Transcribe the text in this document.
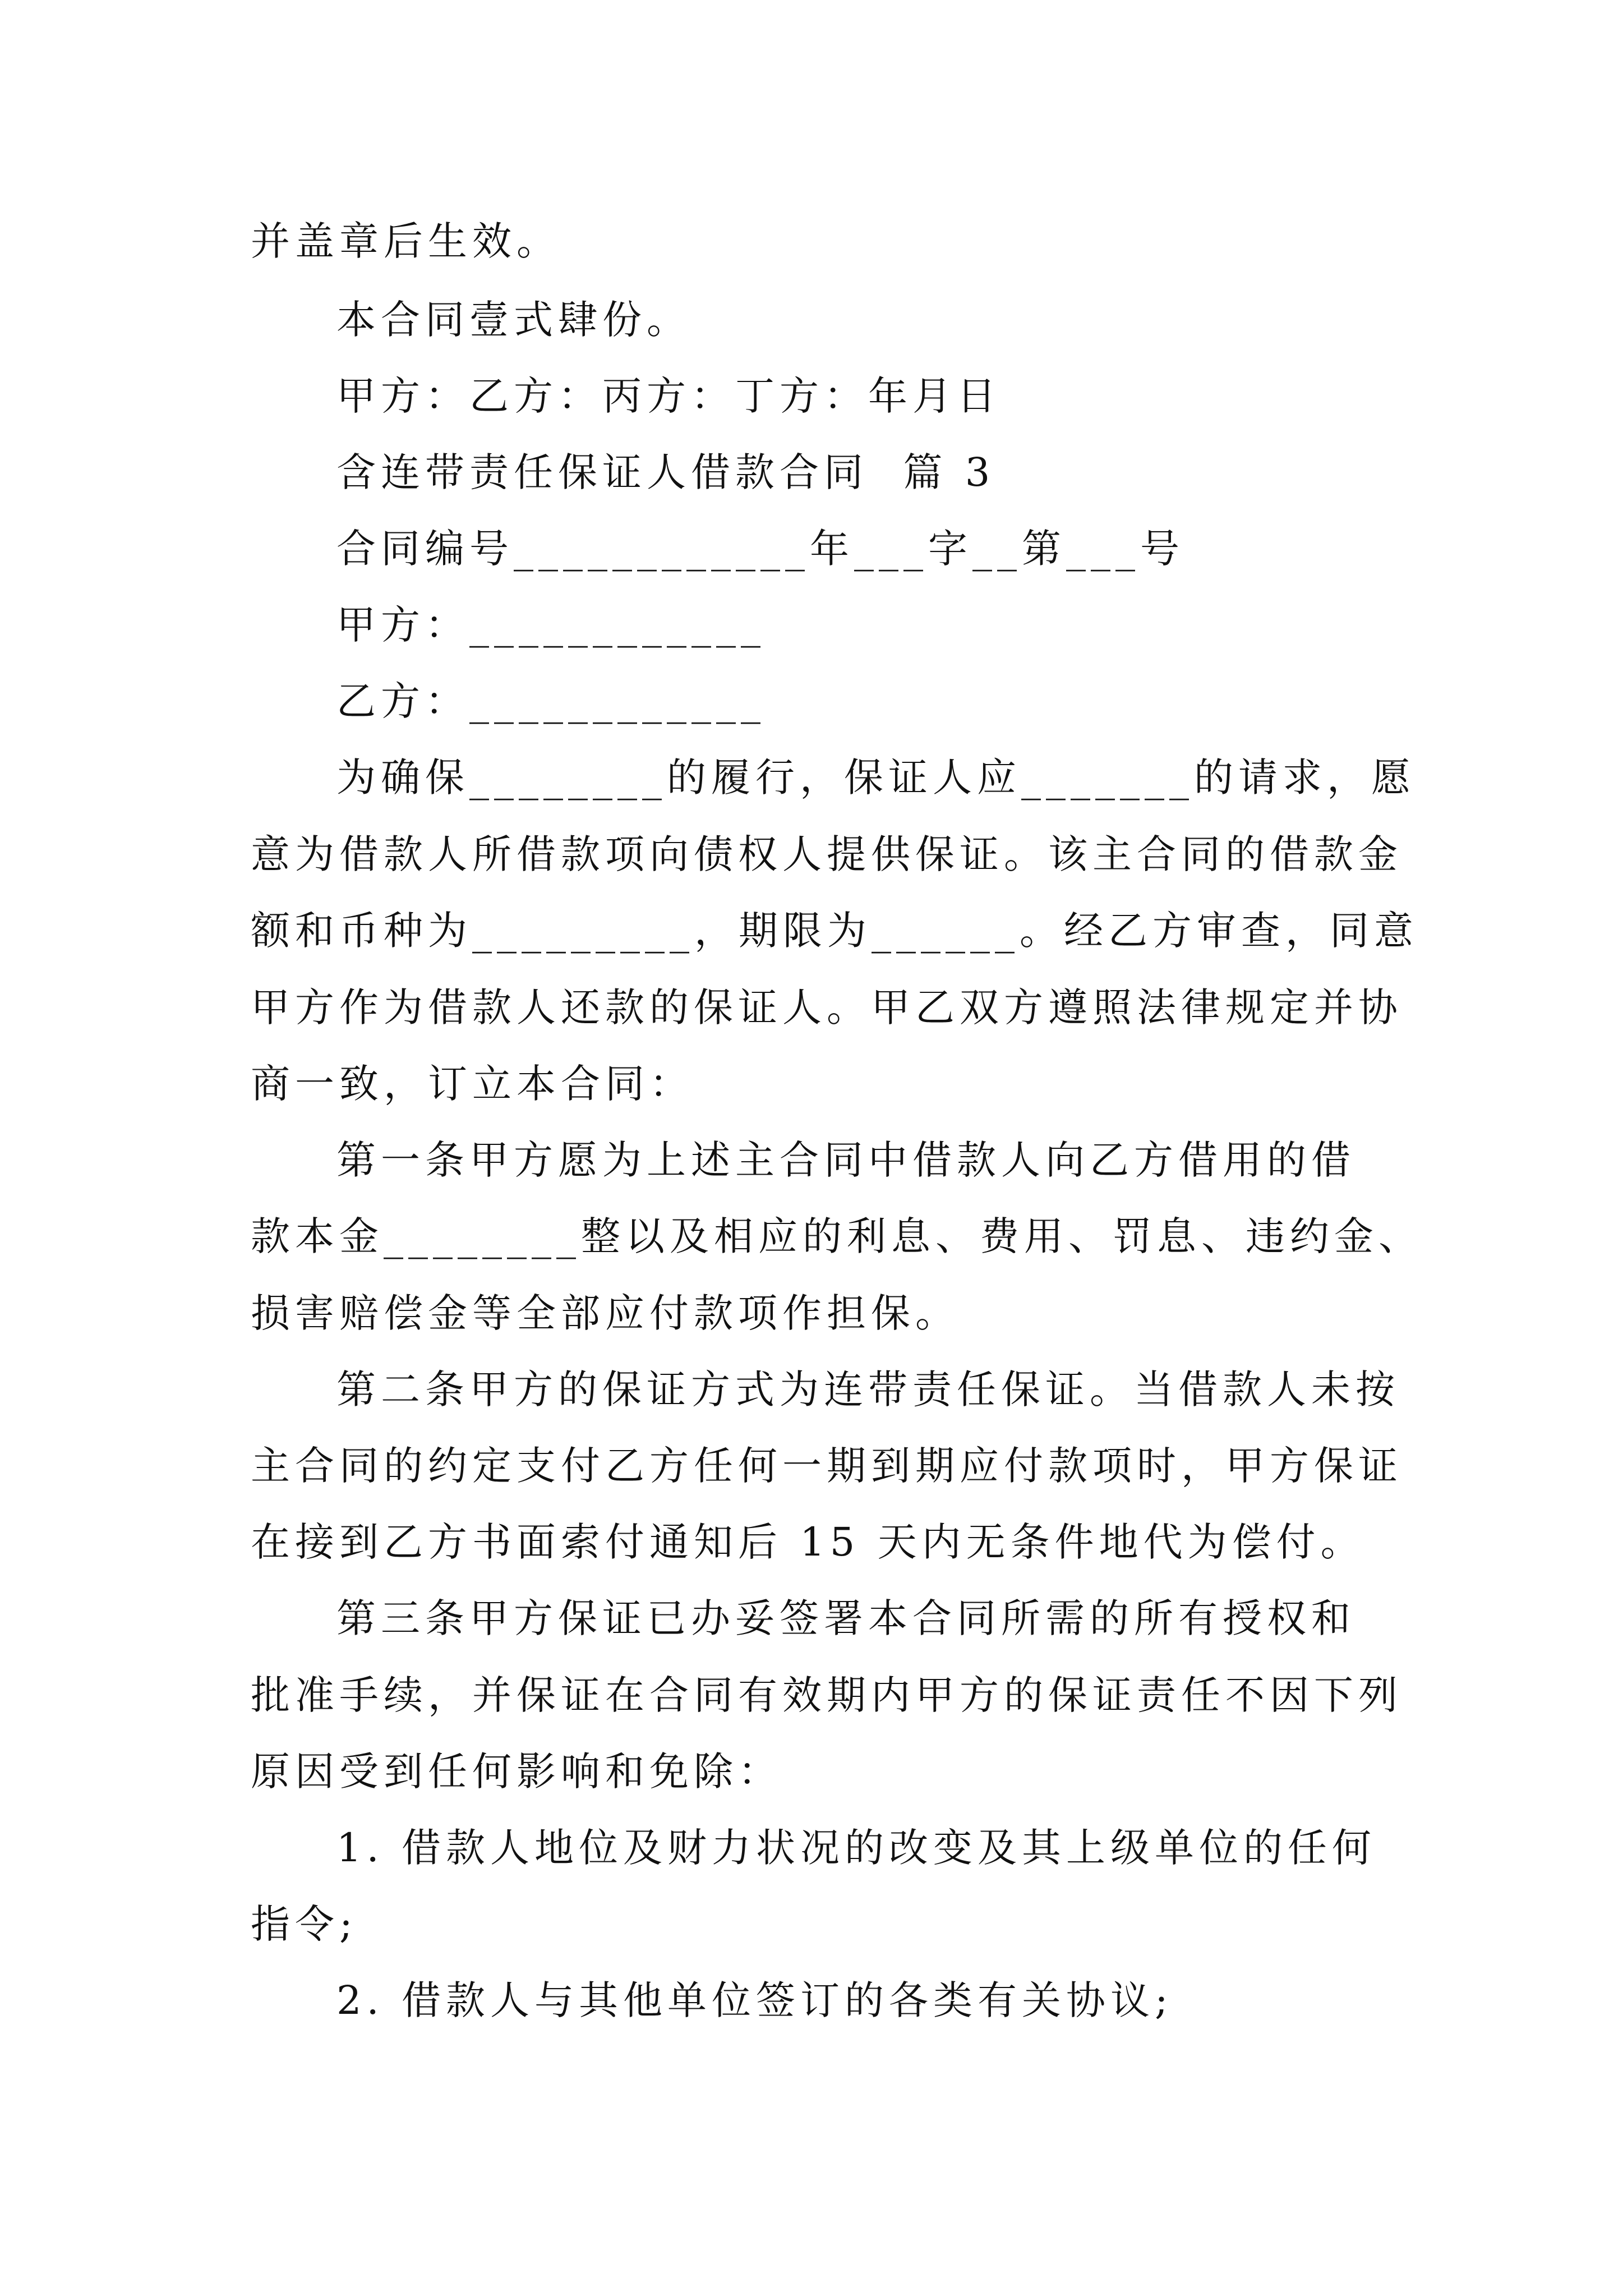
并盖章后生效。
本合同壹式肆份。
甲方：乙方：丙方：丁方：年月日
含连带责任保证人借款合同  篇 3
合同编号____________年___字__第___号
甲方：____________
乙方：____________
为确保________的履行，保证人应_______的请求，愿
意为借款人所借款项向债权人提供保证。该主合同的借款金
额和币种为_________，期限为______。经乙方审查，同意
甲方作为借款人还款的保证人。甲乙双方遵照法律规定并协
商一致，订立本合同：
第一条甲方愿为上述主合同中借款人向乙方借用的借
款本金________整以及相应的利息、费用、罚息、违约金、
损害赔偿金等全部应付款项作担保。
第二条甲方的保证方式为连带责任保证。当借款人未按
主合同的约定支付乙方任何一期到期应付款项时，甲方保证
在接到乙方书面索付通知后 15 天内无条件地代为偿付。
第三条甲方保证已办妥签署本合同所需的所有授权和
批准手续，并保证在合同有效期内甲方的保证责任不因下列
原因受到任何影响和免除：
1. 借款人地位及财力状况的改变及其上级单位的任何
指令;
2. 借款人与其他单位签订的各类有关协议;
